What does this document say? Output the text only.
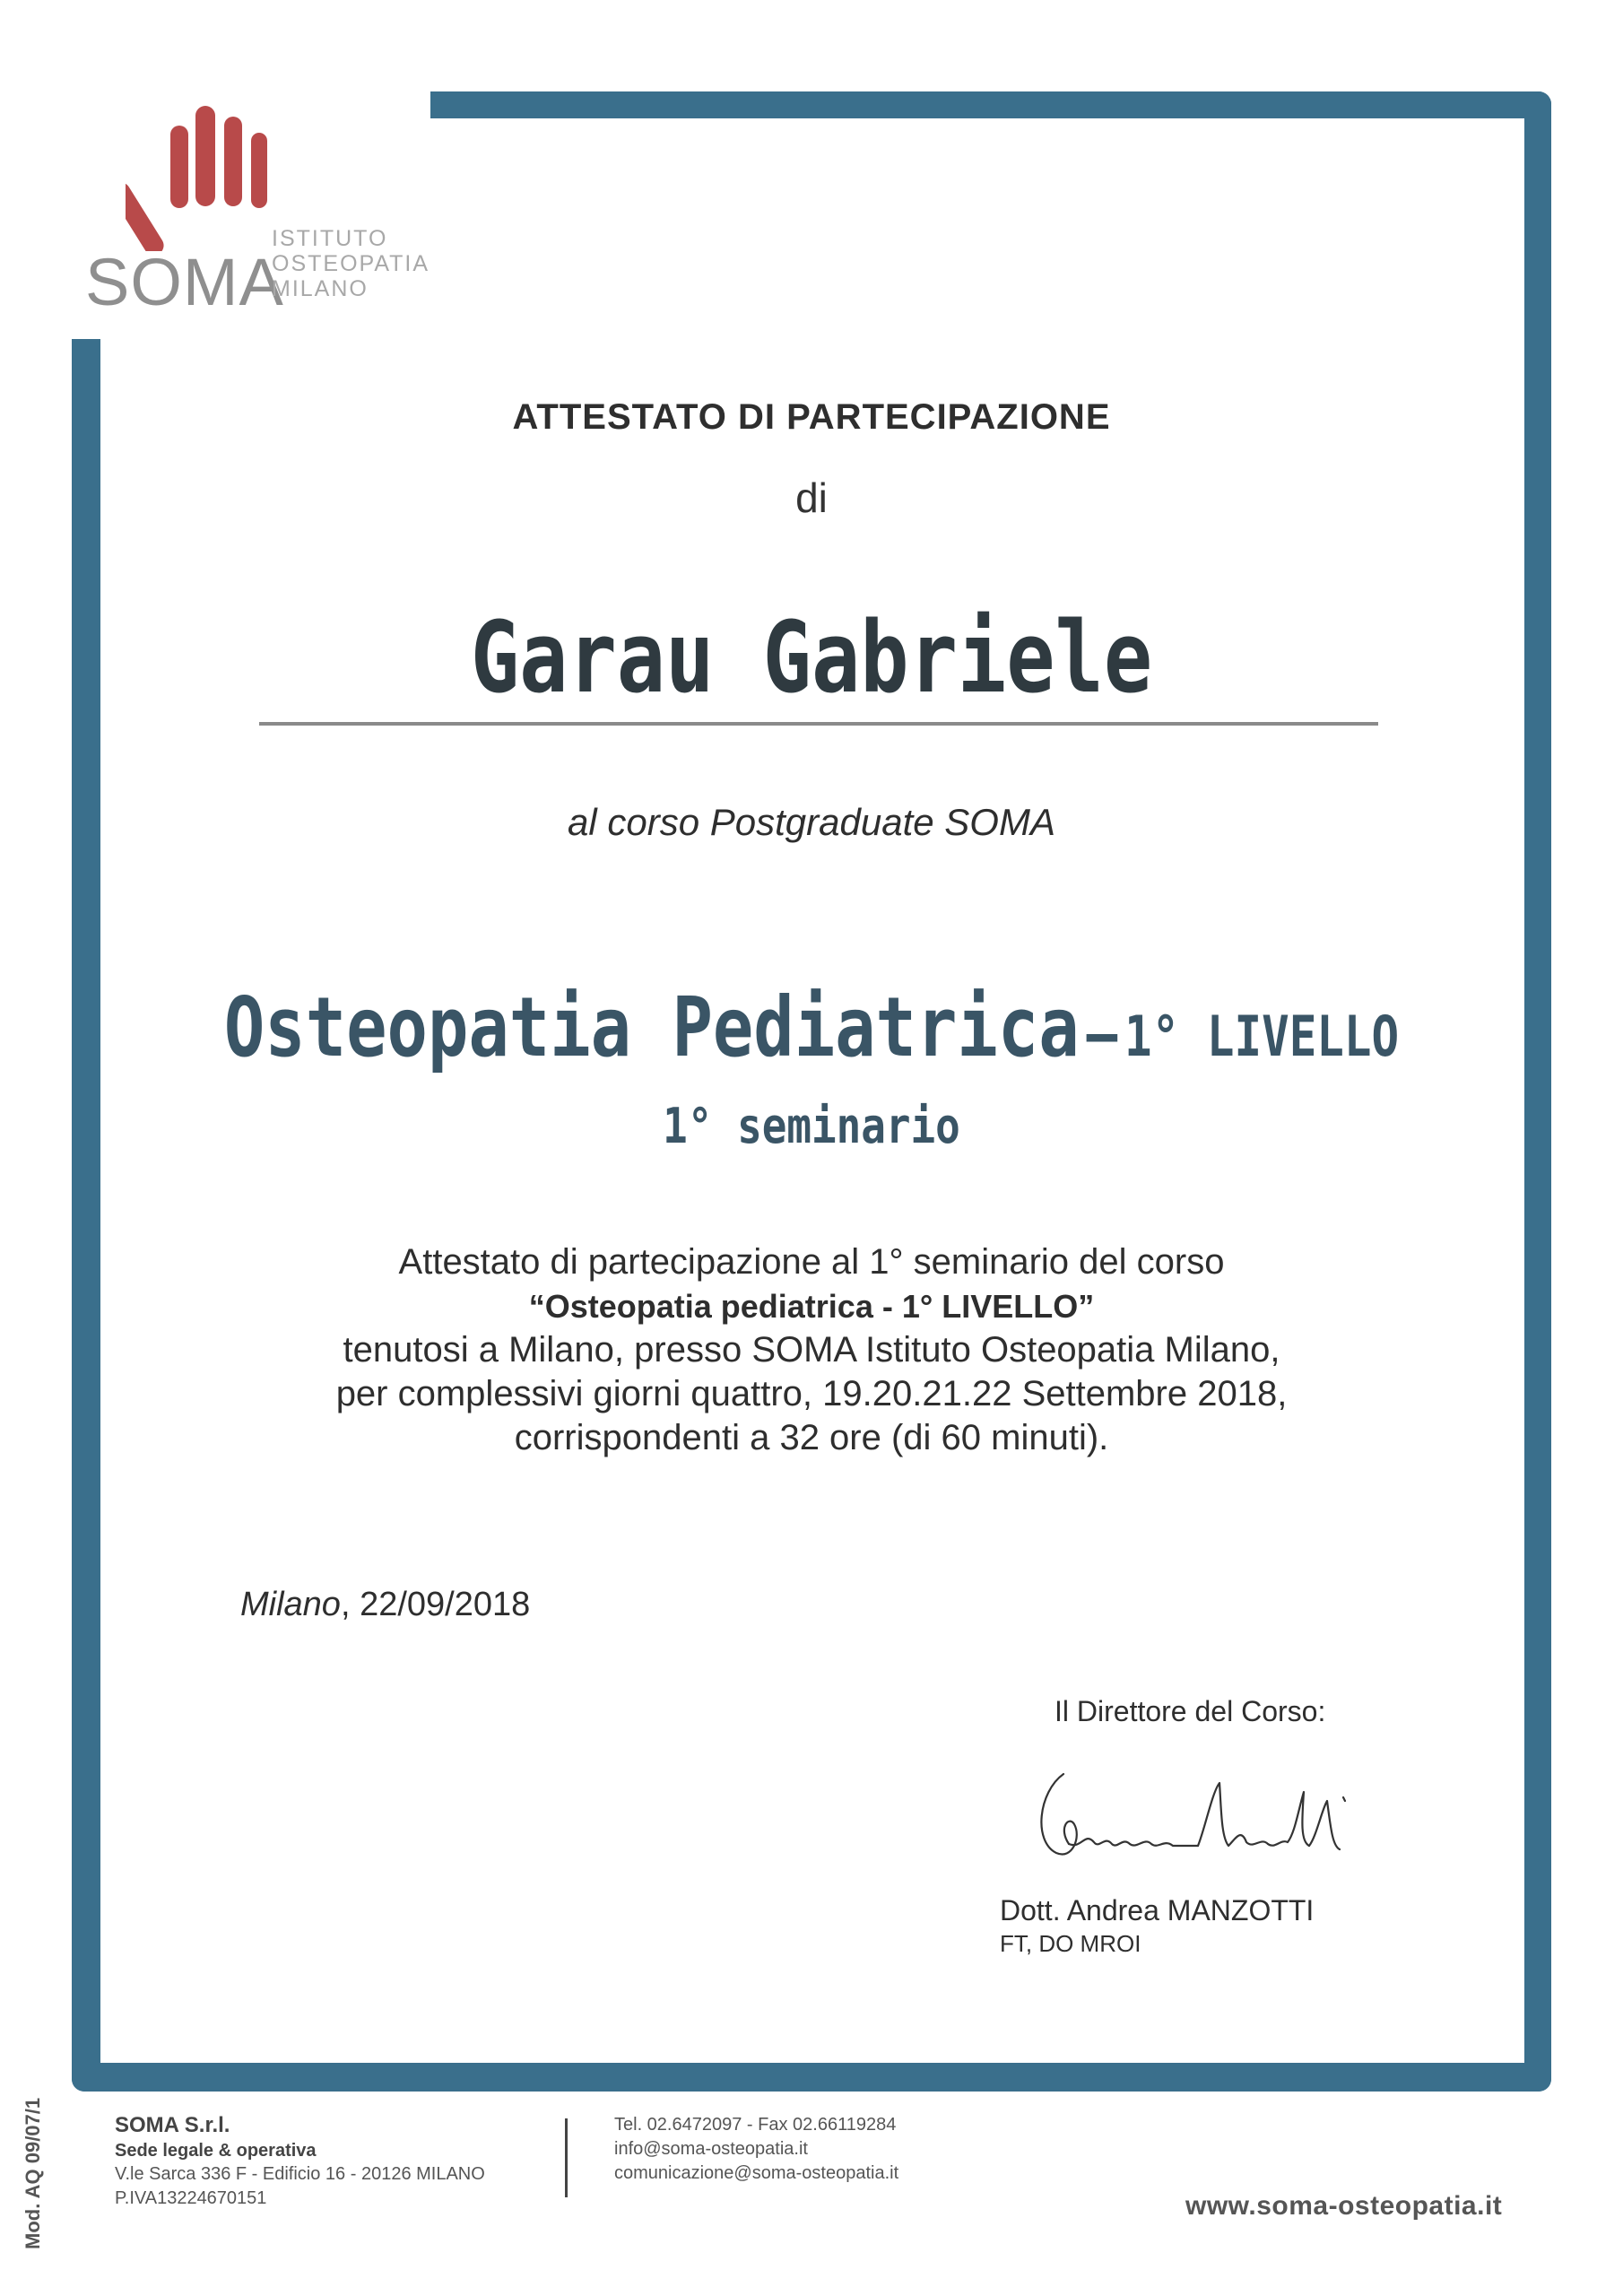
SOMA
ISTITUTO
OSTEOPATIA
MILANO
ATTESTATO DI PARTECIPAZIONE
di
Garau Gabriele
al corso Postgraduate SOMA
Osteopatia Pediatrica – 1° LIVELLO
1° seminario
Attestato di partecipazione al 1° seminario del corso
“Osteopatia pediatrica - 1° LIVELLO”
tenutosi a Milano, presso SOMA Istituto Osteopatia Milano,
per complessivi giorni quattro, 19.20.21.22 Settembre 2018,
corrispondenti a 32 ore (di 60 minuti).
Milano, 22/09/2018
Il Direttore del Corso:
Dott. Andrea MANZOTTI
FT, DO MROI
Mod. AQ 09/07/1	SOMA S.r.l.
Sede legale & operativa
V.le Sarca 336 F - Edificio 16 - 20126 MILANO
P.IVA13224670151
Tel. 02.6472097 - Fax 02.66119284
info@soma-osteopatia.it
comunicazione@soma-osteopatia.it
www.soma-osteopatia.it
